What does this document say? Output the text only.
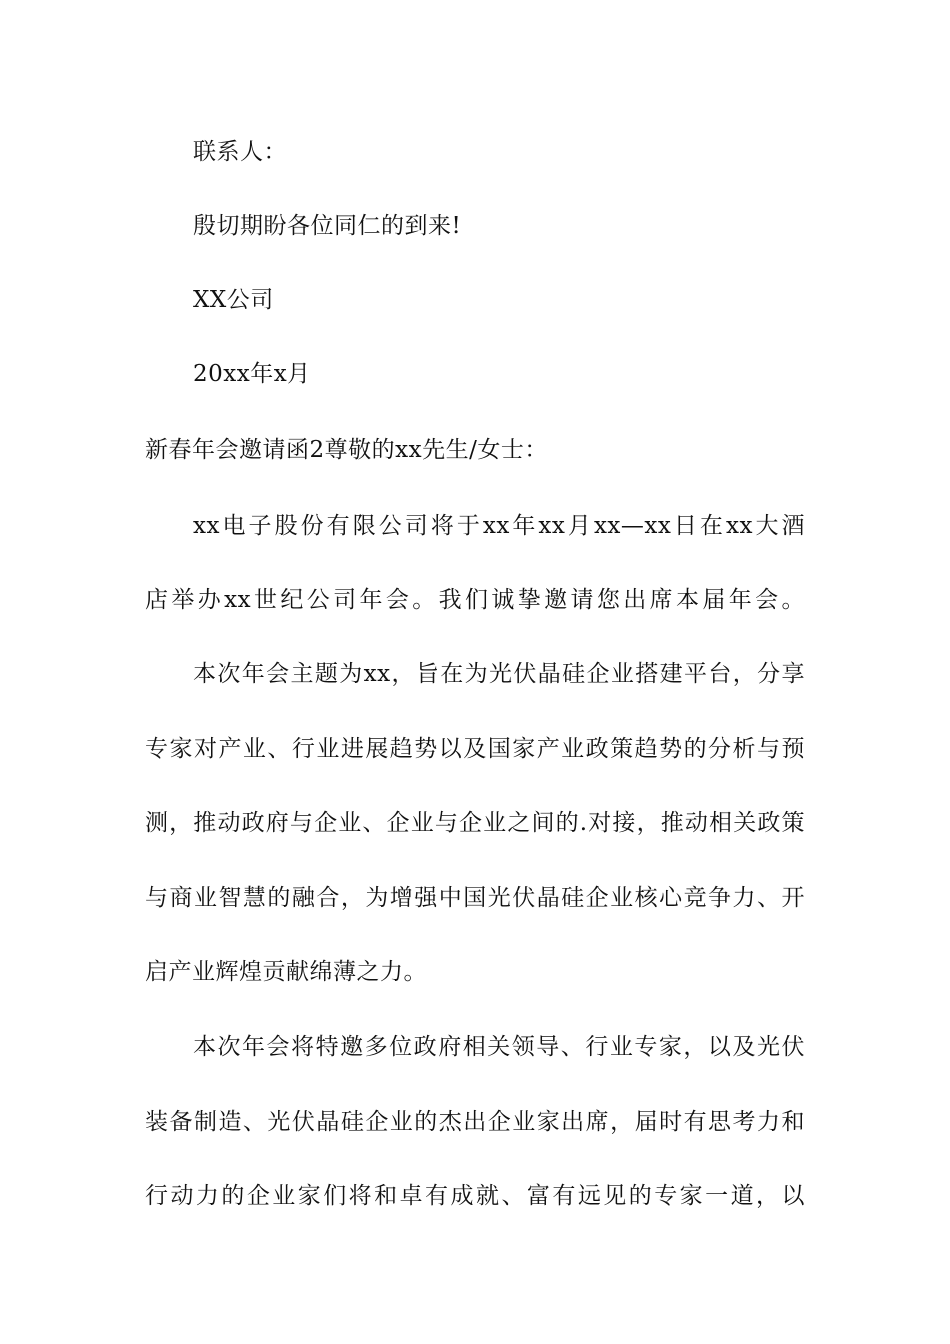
联系人：
殷切期盼各位同仁的到来!
XX公司
20xx年x月
新春年会邀请函2尊敬的xx先生/女士：
xx电子股份有限公司将于xx年xx月xx—xx日在xx大酒
店举办xx世纪公司年会。我们诚挚邀请您出席本届年会。
本次年会主题为xx，旨在为光伏晶硅企业搭建平台，分享
专家对产业、行业进展趋势以及国家产业政策趋势的分析与预
测，推动政府与企业、企业与企业之间的.对接，推动相关政策
与商业智慧的融合，为增强中国光伏晶硅企业核心竞争力、开
启产业辉煌贡献绵薄之力。
本次年会将特邀多位政府相关领导、行业专家，以及光伏
装备制造、光伏晶硅企业的杰出企业家出席，届时有思考力和
行动力的企业家们将和卓有成就、富有远见的专家一道，以
